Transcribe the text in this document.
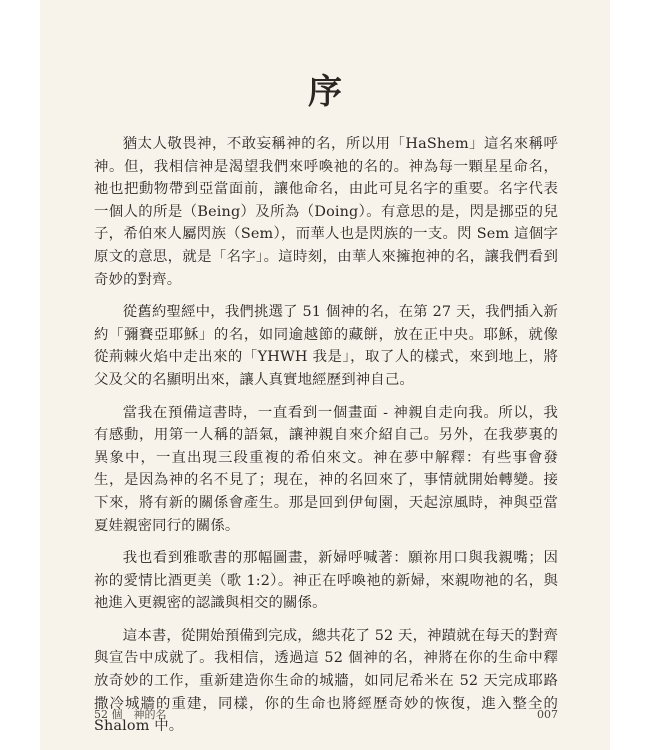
序

猶太人敬畏神，不敢妄稱神的名，所以用「HaShem」這名來稱呼神。但，我相信神是渴望我們來呼喚祂的名的。神為每一顆星星命名，祂也把動物帶到亞當面前，讓他命名，由此可見名字的重要。名字代表一個人的所是（Being）及所為（Doing）。有意思的是，閃是挪亞的兒子，希伯來人屬閃族（Sem），而華人也是閃族的一支。閃 Sem 這個字原文的意思，就是「名字」。這時刻，由華人來擁抱神的名，讓我們看到奇妙的對齊。

從舊約聖經中，我們挑選了 51 個神的名，在第 27 天，我們插入新約「彌賽亞耶穌」的名，如同逾越節的藏餅，放在正中央。耶穌，就像從荊棘火焰中走出來的「YHWH 我是」，取了人的樣式，來到地上，將父及父的名顯明出來，讓人真實地經歷到神自己。

當我在預備這書時，一直看到一個畫面 - 神親自走向我。所以，我有感動，用第一人稱的語氣，讓神親自來介紹自己。另外，在我夢裏的異象中，一直出現三段重複的希伯來文。神在夢中解釋：有些事會發生，是因為神的名不見了；現在，神的名回來了，事情就開始轉變。接下來，將有新的關係會產生。那是回到伊甸園，天起涼風時，神與亞當夏娃親密同行的關係。

我也看到雅歌書的那幅圖畫，新婦呼喊著：願祢用口與我親嘴；因祢的愛情比酒更美（歌 1:2）。神正在呼喚祂的新婦，來親吻祂的名，與祂進入更親密的認識與相交的關係。

這本書，從開始預備到完成，總共花了 52 天，神蹟就在每天的對齊與宣告中成就了。我相信，透過這 52 個神的名，神將在你的生命中釋放奇妙的工作，重新建造你生命的城牆，如同尼希米在 52 天完成耶路撒冷城牆的重建，同樣，你的生命也將經歷奇妙的恢復，進入整全的 Shalom 中。

52 個　神的名	007
